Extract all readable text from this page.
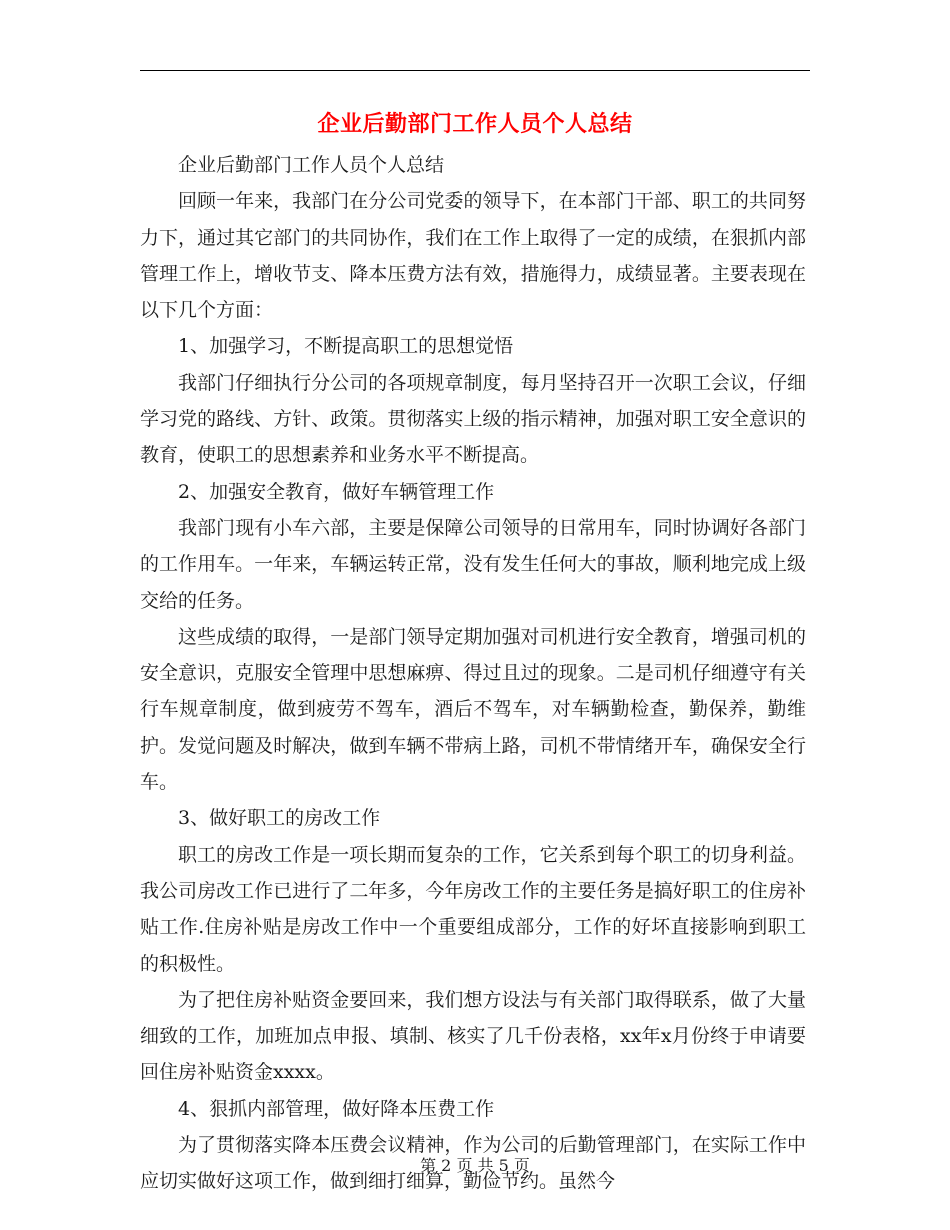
企业后勤部门工作人员个人总结

企业后勤部门工作人员个人总结

回顾一年来，我部门在分公司党委的领导下，在本部门干部、职工的共同努力下，通过其它部门的共同协作，我们在工作上取得了一定的成绩，在狠抓内部管理工作上，增收节支、降本压费方法有效，措施得力，成绩显著。主要表现在以下几个方面：

1、加强学习，不断提高职工的思想觉悟

我部门仔细执行分公司的各项规章制度，每月坚持召开一次职工会议，仔细学习党的路线、方针、政策。贯彻落实上级的指示精神，加强对职工安全意识的教育，使职工的思想素养和业务水平不断提高。

2、加强安全教育，做好车辆管理工作

我部门现有小车六部，主要是保障公司领导的日常用车，同时协调好各部门的工作用车。一年来，车辆运转正常，没有发生任何大的事故，顺利地完成上级交给的任务。

这些成绩的取得，一是部门领导定期加强对司机进行安全教育，增强司机的安全意识，克服安全管理中思想麻痹、得过且过的现象。二是司机仔细遵守有关行车规章制度，做到疲劳不驾车，酒后不驾车，对车辆勤检查，勤保养，勤维护。发觉问题及时解决，做到车辆不带病上路，司机不带情绪开车，确保安全行车。

3、做好职工的房改工作

职工的房改工作是一项长期而复杂的工作，它关系到每个职工的切身利益。我公司房改工作已进行了二年多，今年房改工作的主要任务是搞好职工的住房补贴工作.住房补贴是房改工作中一个重要组成部分，工作的好坏直接影响到职工的积极性。

为了把住房补贴资金要回来，我们想方设法与有关部门取得联系，做了大量细致的工作，加班加点申报、填制、核实了几千份表格，xx年x月份终于申请要回住房补贴资金xxxx。

4、狠抓内部管理，做好降本压费工作

为了贯彻落实降本压费会议精神，作为公司的后勤管理部门，在实际工作中应切实做好这项工作，做到细打细算，勤俭节约。虽然今

第 2 页 共 5 页
